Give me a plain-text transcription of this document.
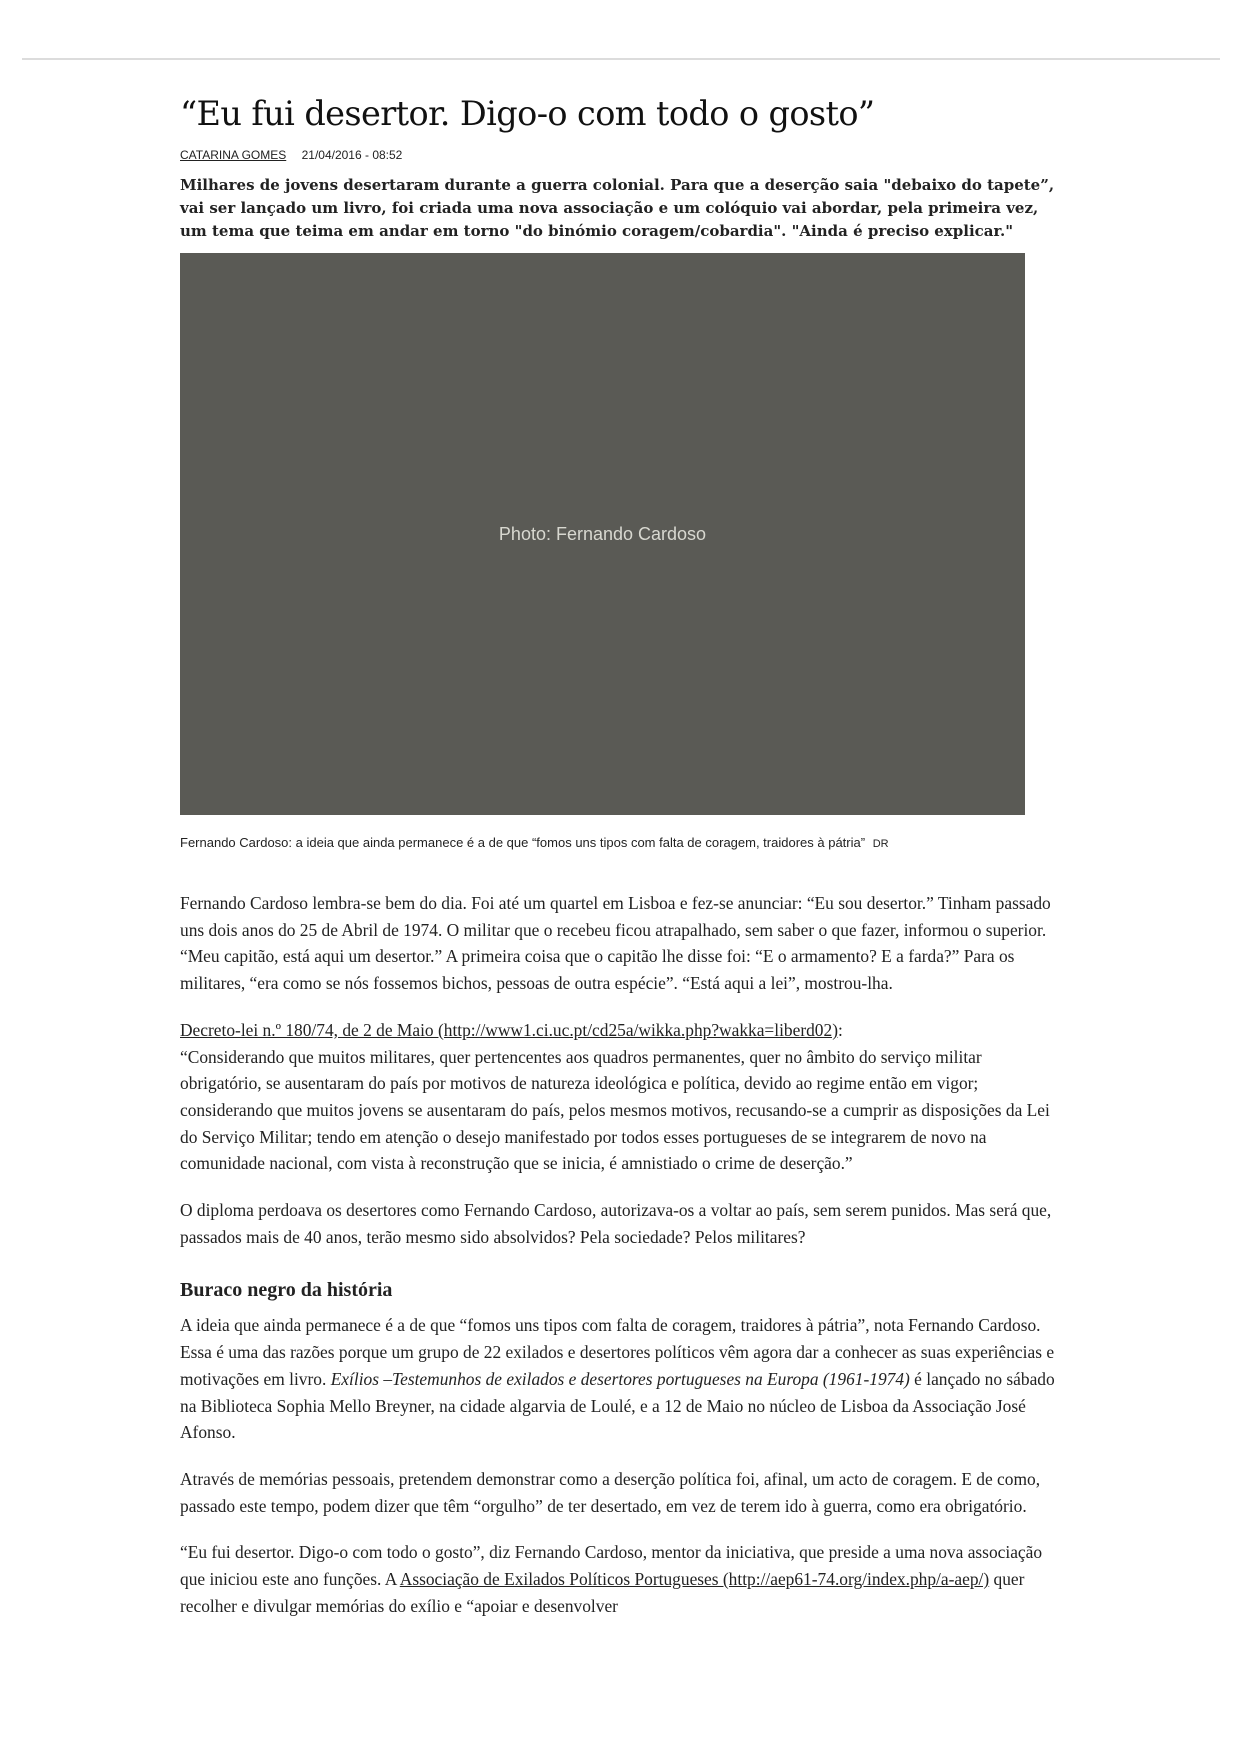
“Eu fui desertor. Digo-o com todo o gosto”
CATARINA GOMES 21/04/2016 - 08:52
Milhares de jovens desertaram durante a guerra colonial. Para que a deserção saia "debaixo do tapete”, vai ser lançado um livro, foi criada uma nova associação e um colóquio vai abordar, pela primeira vez, um tema que teima em andar em torno "do binómio coragem/cobardia". "Ainda é preciso explicar."
Photo: Fernando Cardoso
Fernando Cardoso: a ideia que ainda permanece é a de que “fomos uns tipos com falta de coragem, traidores à pátria” DR

Fernando Cardoso lembra-se bem do dia. Foi até um quartel em Lisboa e fez-se anunciar: “Eu sou desertor.” Tinham passado uns dois anos do 25 de Abril de 1974. O militar que o recebeu ficou atrapalhado, sem saber o que fazer, informou o superior. “Meu capitão, está aqui um desertor.” A primeira coisa que o capitão lhe disse foi: “E o armamento? E a farda?” Para os militares, “era como se nós fossemos bichos, pessoas de outra espécie”. “Está aqui a lei”, mostrou-lha.

Decreto-lei n.º 180/74, de 2 de Maio (http://www1.ci.uc.pt/cd25a/wikka.php?wakka=liberd02):
“Considerando que muitos militares, quer pertencentes aos quadros permanentes, quer no âmbito do serviço militar obrigatório, se ausentaram do país por motivos de natureza ideológica e política, devido ao regime então em vigor; considerando que muitos jovens se ausentaram do país, pelos mesmos motivos, recusando-se a cumprir as disposições da Lei do Serviço Militar; tendo em atenção o desejo manifestado por todos esses portugueses de se integrarem de novo na comunidade nacional, com vista à reconstrução que se inicia, é amnistiado o crime de deserção.”

O diploma perdoava os desertores como Fernando Cardoso, autorizava-os a voltar ao país, sem serem punidos. Mas será que, passados mais de 40 anos, terão mesmo sido absolvidos? Pela sociedade? Pelos militares?

Buraco negro da história

A ideia que ainda permanece é a de que “fomos uns tipos com falta de coragem, traidores à pátria”, nota Fernando Cardoso. Essa é uma das razões porque um grupo de 22 exilados e desertores políticos vêm agora dar a conhecer as suas experiências e motivações em livro. Exílios –Testemunhos de exilados e desertores portugueses na Europa (1961-1974) é lançado no sábado na Biblioteca Sophia Mello Breyner, na cidade algarvia de Loulé, e a 12 de Maio no núcleo de Lisboa da Associação José Afonso.

Através de memórias pessoais, pretendem demonstrar como a deserção política foi, afinal, um acto de coragem. E de como, passado este tempo, podem dizer que têm “orgulho” de ter desertado, em vez de terem ido à guerra, como era obrigatório.

“Eu fui desertor. Digo-o com todo o gosto”, diz Fernando Cardoso, mentor da iniciativa, que preside a uma nova associação que iniciou este ano funções. A Associação de Exilados Políticos Portugueses (http://aep61-74.org/index.php/a-aep/) quer recolher e divulgar memórias do exílio e “apoiar e desenvolver
